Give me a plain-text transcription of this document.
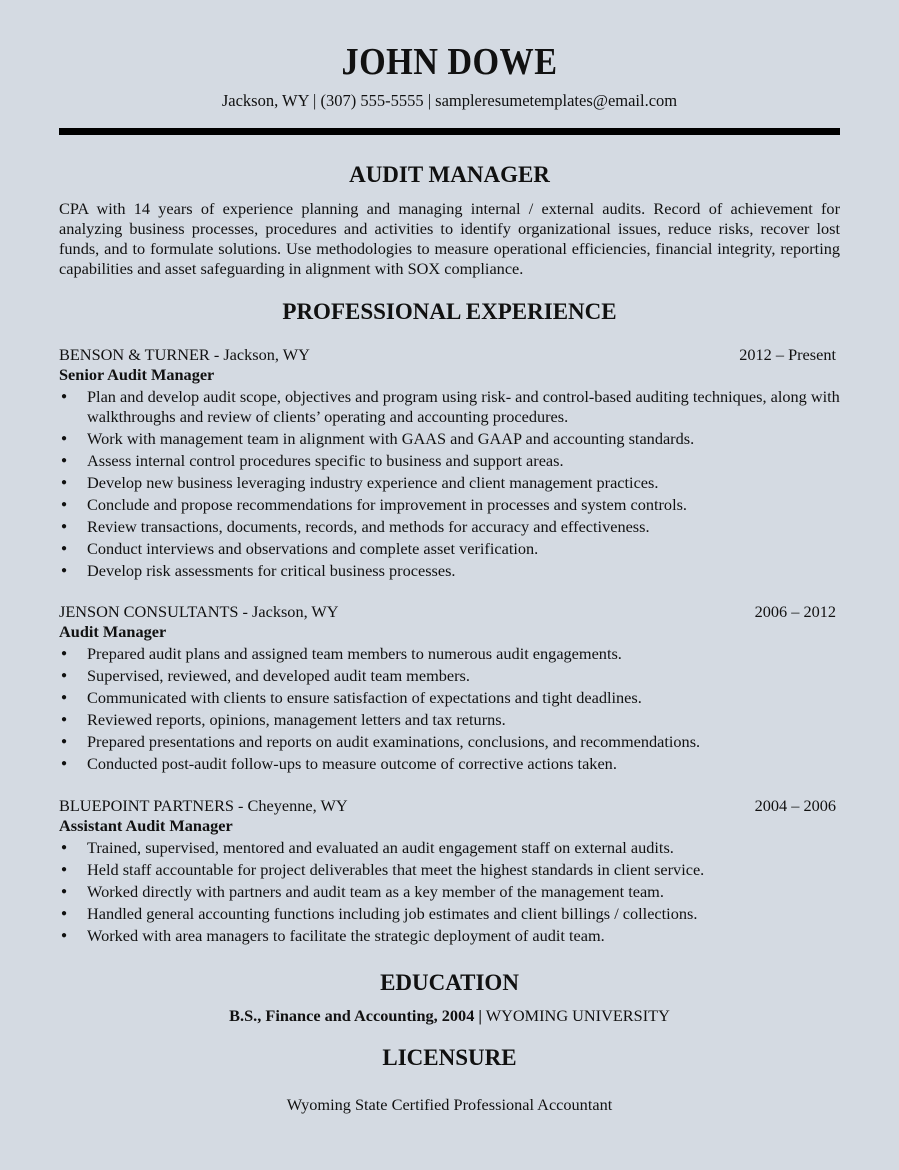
JOHN DOWE
Jackson, WY | (307) 555-5555 | sampleresumetemplates@email.com
AUDIT MANAGER
CPA with 14 years of experience planning and managing internal / external audits. Record of achievement for analyzing business processes, procedures and activities to identify organizational issues, reduce risks, recover lost funds, and to formulate solutions. Use methodologies to measure operational efficiencies, financial integrity, reporting capabilities and asset safeguarding in alignment with SOX compliance.
PROFESSIONAL EXPERIENCE
BENSON & TURNER - Jackson, WY	2012 – Present
Senior Audit Manager
● Plan and develop audit scope, objectives and program using risk- and control-based auditing techniques, along with walkthroughs and review of clients’ operating and accounting procedures.
● Work with management team in alignment with GAAS and GAAP and accounting standards.
● Assess internal control procedures specific to business and support areas.
● Develop new business leveraging industry experience and client management practices.
● Conclude and propose recommendations for improvement in processes and system controls.
● Review transactions, documents, records, and methods for accuracy and effectiveness.
● Conduct interviews and observations and complete asset verification.
● Develop risk assessments for critical business processes.
JENSON CONSULTANTS - Jackson, WY	2006 – 2012
Audit Manager
● Prepared audit plans and assigned team members to numerous audit engagements.
● Supervised, reviewed, and developed audit team members.
● Communicated with clients to ensure satisfaction of expectations and tight deadlines.
● Reviewed reports, opinions, management letters and tax returns.
● Prepared presentations and reports on audit examinations, conclusions, and recommendations.
● Conducted post-audit follow-ups to measure outcome of corrective actions taken.
BLUEPOINT PARTNERS - Cheyenne, WY	2004 – 2006
Assistant Audit Manager
● Trained, supervised, mentored and evaluated an audit engagement staff on external audits.
● Held staff accountable for project deliverables that meet the highest standards in client service.
● Worked directly with partners and audit team as a key member of the management team.
● Handled general accounting functions including job estimates and client billings / collections.
● Worked with area managers to facilitate the strategic deployment of audit team.
EDUCATION
B.S., Finance and Accounting, 2004 | WYOMING UNIVERSITY
LICENSURE
Wyoming State Certified Professional Accountant
